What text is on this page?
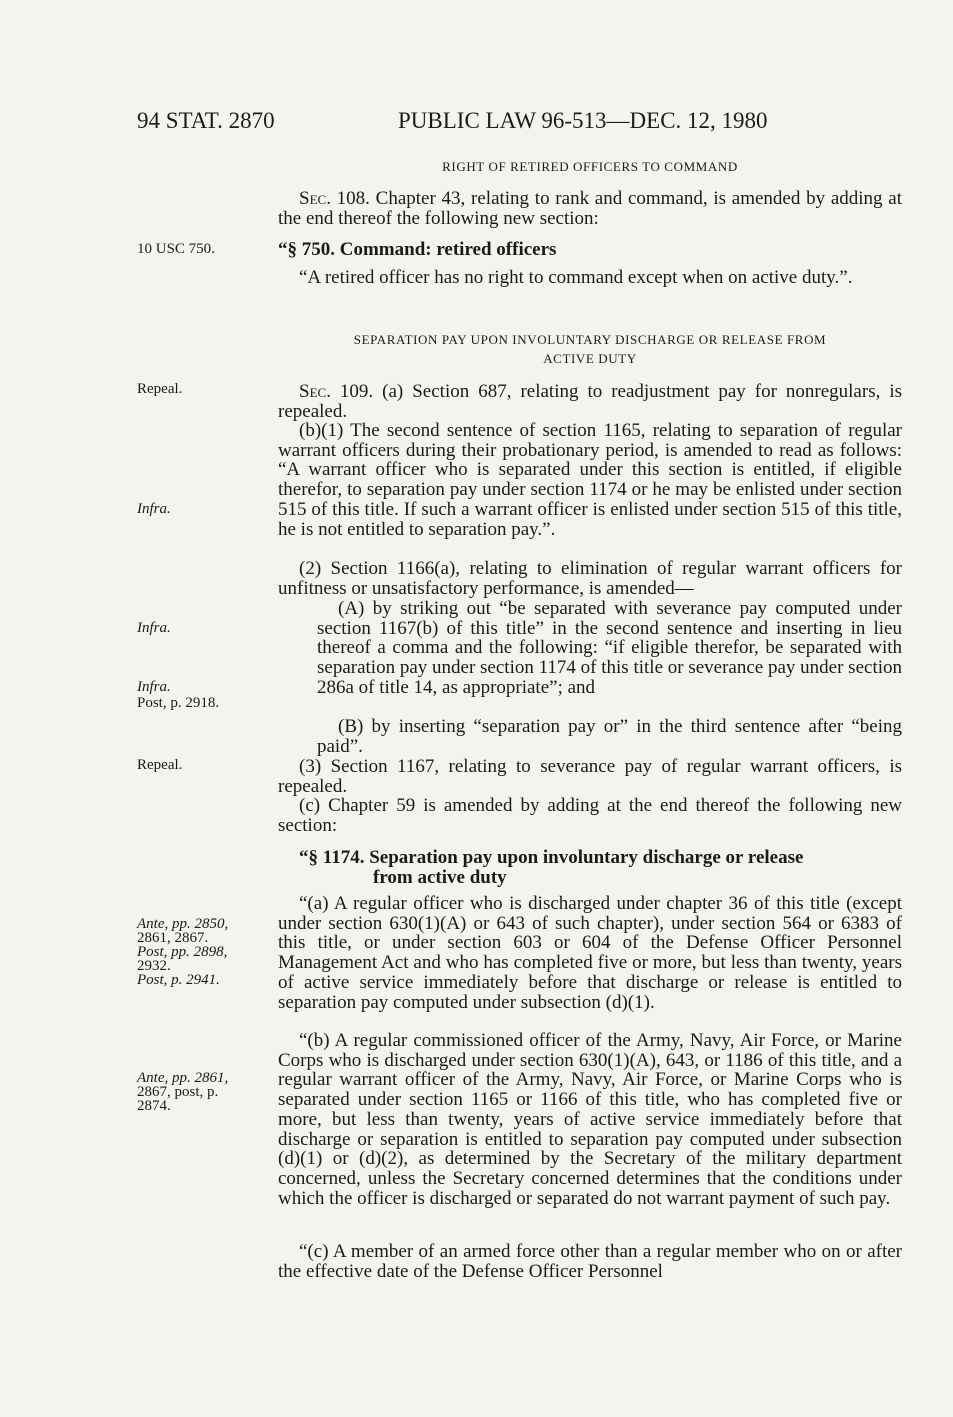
94 STAT. 2870	PUBLIC LAW 96-513—DEC. 12, 1980
RIGHT OF RETIRED OFFICERS TO COMMAND

Sec. 108. Chapter 43, relating to rank and command, is amended by adding at the end thereof the following new section:

10 USC 750.	“§ 750. Command: retired officers

“A retired officer has no right to command except when on active duty.”.

SEPARATION PAY UPON INVOLUNTARY DISCHARGE OR RELEASE FROM
ACTIVE DUTY
Repeal.	Sec. 109. (a) Section 687, relating to readjustment pay for nonregulars, is repealed.

(b)(1) The second sentence of section 1165, relating to separation of regular warrant officers during their probationary period, is amended to read as follows: “A warrant officer who is separated under this section is entitled, if eligible therefor, to separation pay under section 1174 or he may be enlisted under section 515 of this title. If such a warrant officer is enlisted under section 515 of this title, he is not entitled to separation pay.”.

Infra.

(2) Section 1166(a), relating to elimination of regular warrant officers for unfitness or unsatisfactory performance, is amended—

(A) by striking out “be separated with severance pay computed under section 1167(b) of this title” in the second sentence and inserting in lieu thereof a comma and the following: “if eligible therefor, be separated with separation pay under section 1174 of this title or severance pay under section 286a of title 14, as appropriate”; and

Infra.
Infra.
Post, p. 2918.

(B) by inserting “separation pay or” in the third sentence after “being paid”.

Repeal.	(3) Section 1167, relating to severance pay of regular warrant officers, is repealed.

(c) Chapter 59 is amended by adding at the end thereof the following new section:

“§ 1174. Separation pay upon involuntary discharge or release
from active duty
Ante, pp. 2850,
2861, 2867.
Post, pp. 2898,
2932.
Post, p. 2941.

“(a) A regular officer who is discharged under chapter 36 of this title (except under section 630(1)(A) or 643 of such chapter), under section 564 or 6383 of this title, or under section 603 or 604 of the Defense Officer Personnel Management Act and who has completed five or more, but less than twenty, years of active service immediately before that discharge or release is entitled to separation pay computed under subsection (d)(1).

Ante, pp. 2861,
2867, post, p.
2874.

“(b) A regular commissioned officer of the Army, Navy, Air Force, or Marine Corps who is discharged under section 630(1)(A), 643, or 1186 of this title, and a regular warrant officer of the Army, Navy, Air Force, or Marine Corps who is separated under section 1165 or 1166 of this title, who has completed five or more, but less than twenty, years of active service immediately before that discharge or separation is entitled to separation pay computed under subsection (d)(1) or (d)(2), as determined by the Secretary of the military department concerned, unless the Secretary concerned determines that the conditions under which the officer is discharged or separated do not warrant payment of such pay.

“(c) A member of an armed force other than a regular member who on or after the effective date of the Defense Officer Personnel
